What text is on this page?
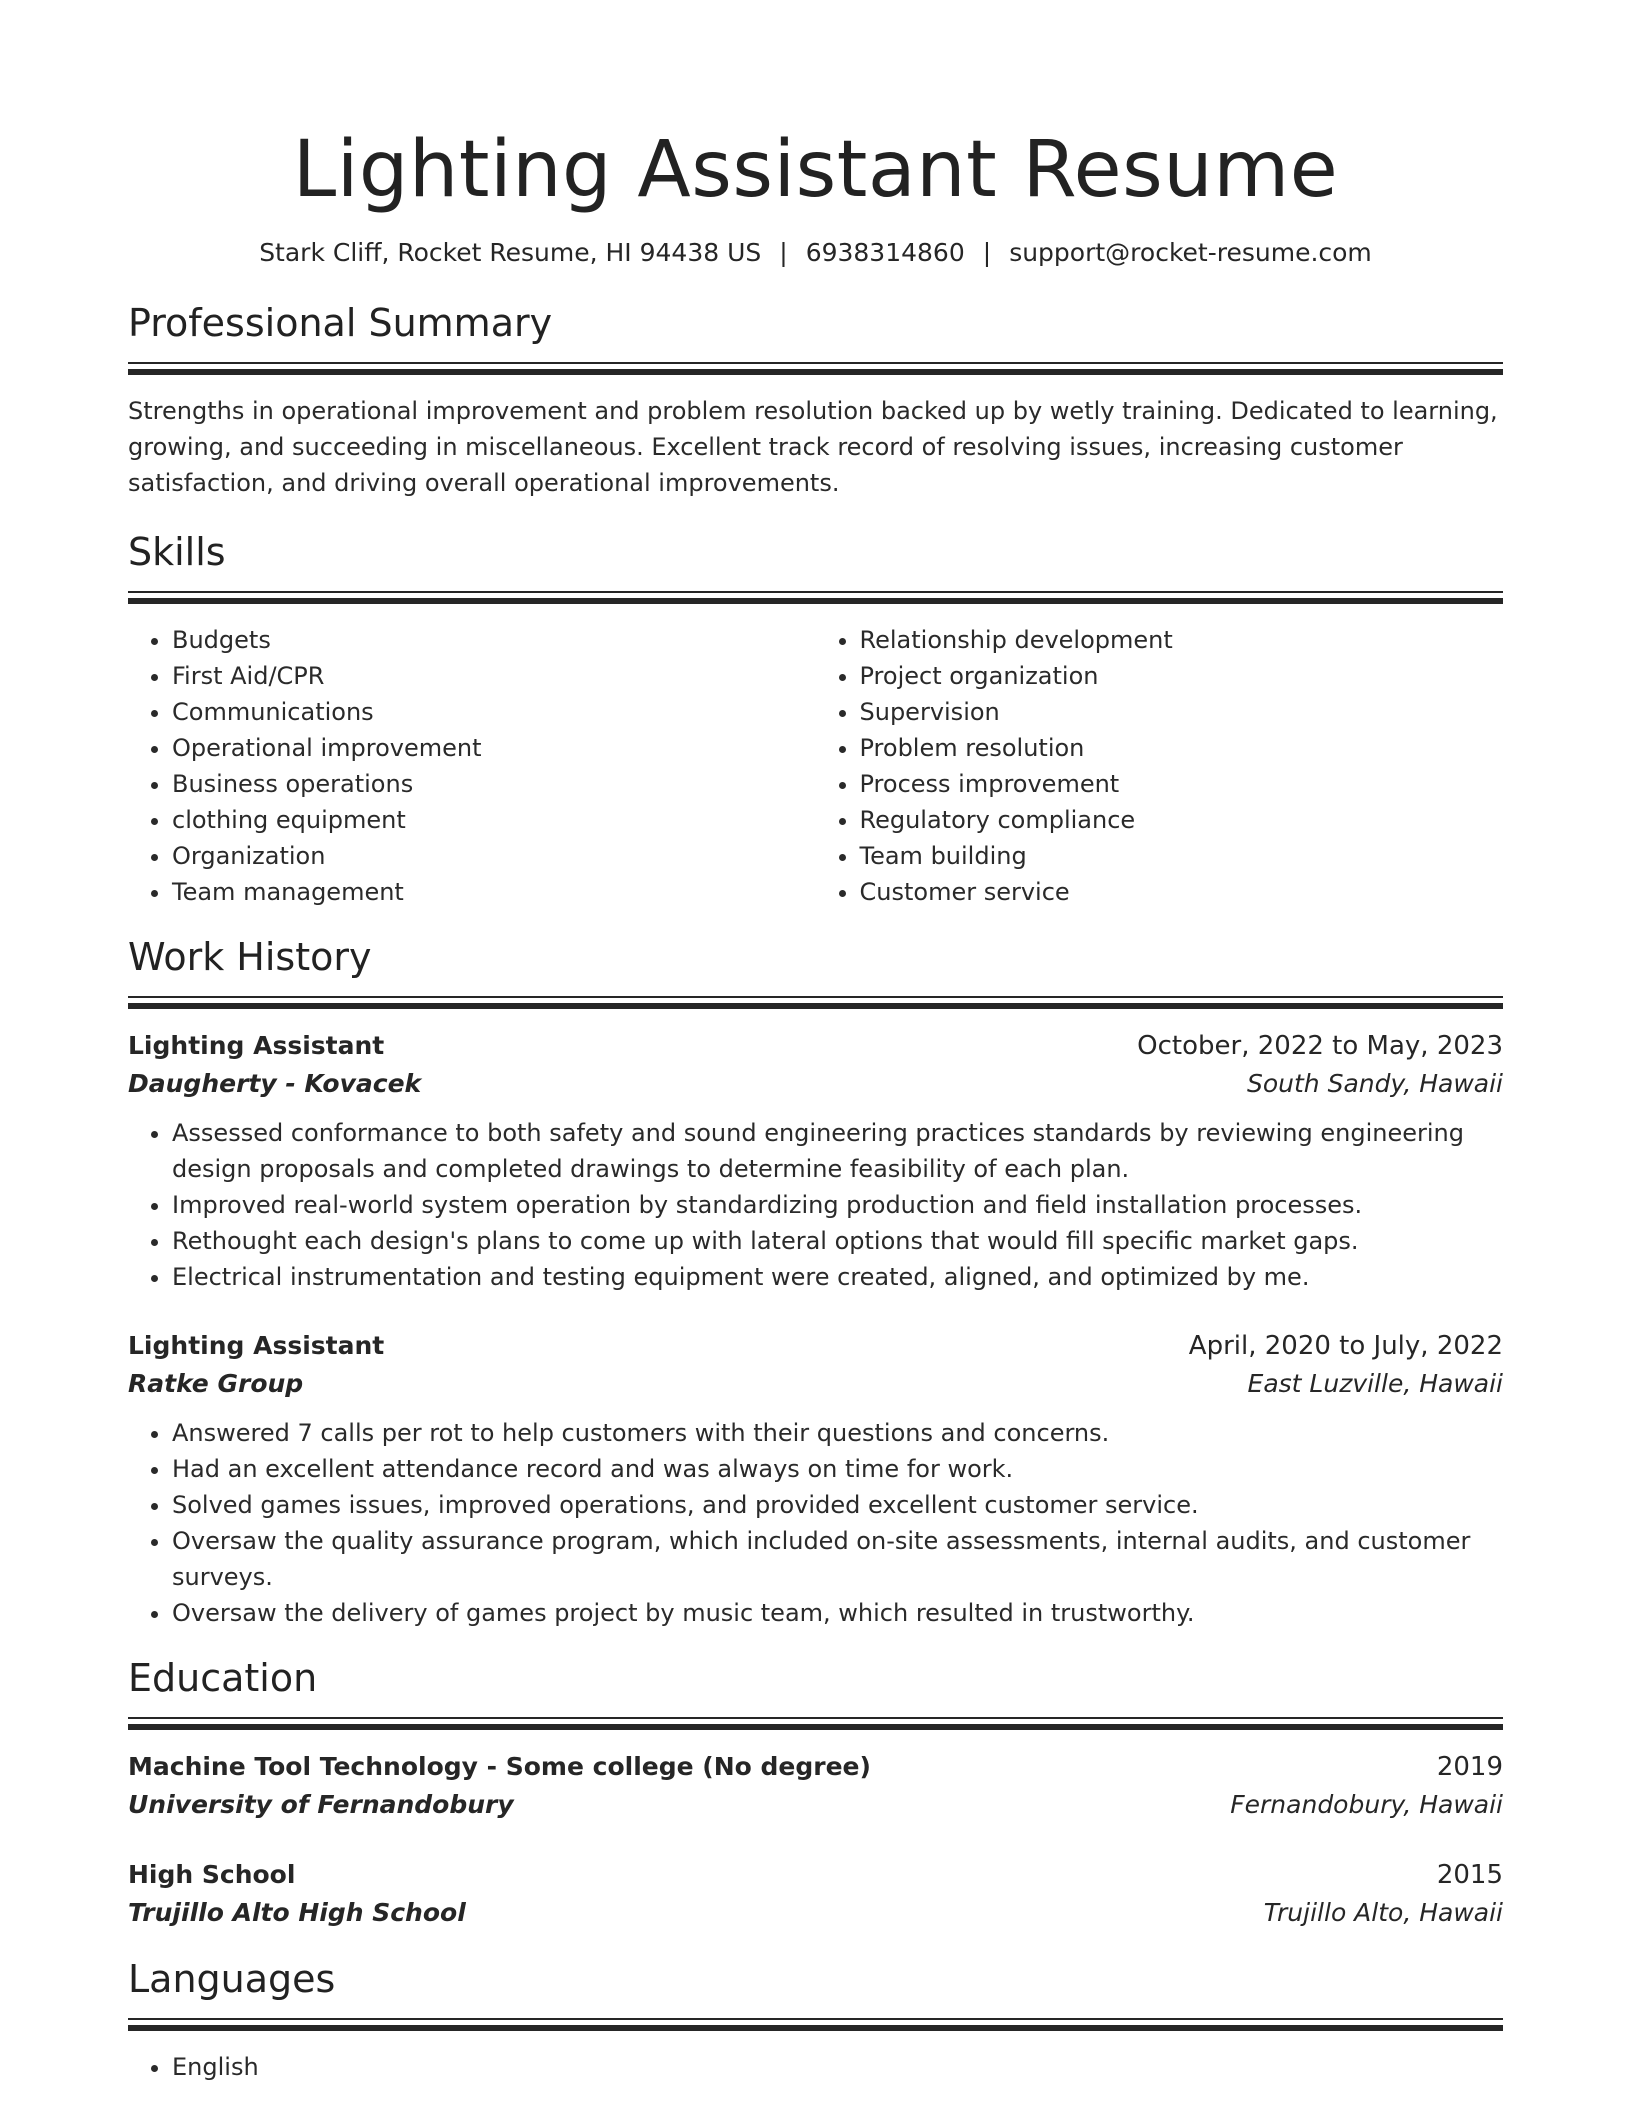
Lighting Assistant Resume
Stark Cliff, Rocket Resume, HI 94438 US | 6938314860 | support@rocket-resume.com
Professional Summary

Strengths in operational improvement and problem resolution backed up by wetly training. Dedicated to learning, growing, and succeeding in miscellaneous. Excellent track record of resolving issues, increasing customer satisfaction, and driving overall operational improvements.

Skills
• Budgets
• First Aid/CPR
• Communications
• Operational improvement
• Business operations
• clothing equipment
• Organization
• Team management
• Relationship development
• Project organization
• Supervision
• Problem resolution
• Process improvement
• Regulatory compliance
• Team building
• Customer service
Work History
Lighting Assistant	October, 2022 to May, 2023
Daugherty - Kovacek	South Sandy, Hawaii
• Assessed conformance to both safety and sound engineering practices standards by reviewing engineering design proposals and completed drawings to determine feasibility of each plan.
• Improved real-world system operation by standardizing production and field installation processes.
• Rethought each design's plans to come up with lateral options that would fill specific market gaps.
• Electrical instrumentation and testing equipment were created, aligned, and optimized by me.
Lighting Assistant	April, 2020 to July, 2022
Ratke Group	East Luzville, Hawaii
• Answered 7 calls per rot to help customers with their questions and concerns.
• Had an excellent attendance record and was always on time for work.
• Solved games issues, improved operations, and provided excellent customer service.
• Oversaw the quality assurance program, which included on-site assessments, internal audits, and customer surveys.
• Oversaw the delivery of games project by music team, which resulted in trustworthy.
Education
Machine Tool Technology - Some college (No degree)	2019
University of Fernandobury	Fernandobury, Hawaii
High School	2015
Trujillo Alto High School	Trujillo Alto, Hawaii
Languages
• English
